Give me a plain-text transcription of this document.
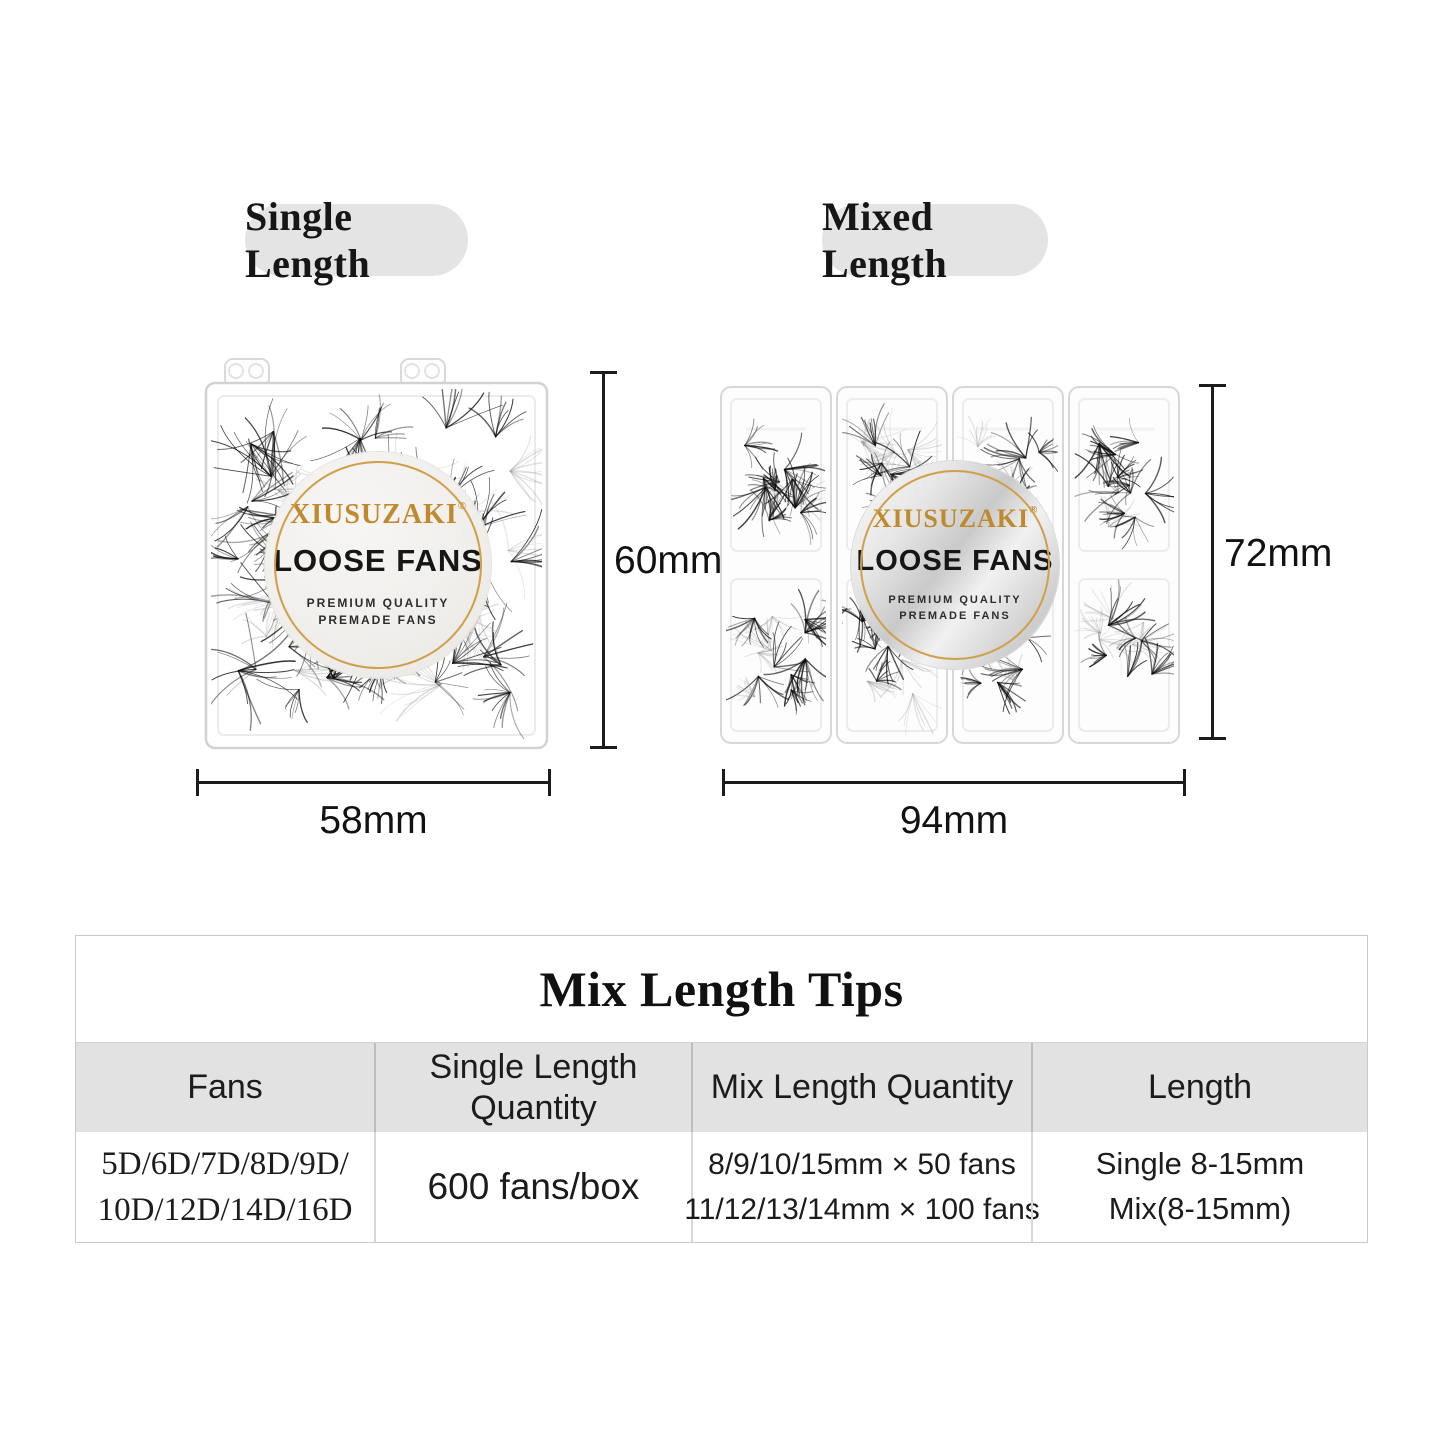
Single Length
Mixed Length
XIUSUZAKI®
LOOSE FANS
PREMIUM QUALITY
PREMADE FANS
XIUSUZAKI®
LOOSE FANS
PREMIUM QUALITY
PREMADE FANS
60mm
58mm
72mm
94mm
Mix Length Tips
Fans
Single Length Quantity
Mix Length Quantity	Length
5D/6D/7D/8D/9D/
10D/12D/14D/16D
600 fans/box
8/9/10/15mm × 50 fans
11/12/13/14mm × 100 fans
Single 8-15mm
Mix(8-15mm)
